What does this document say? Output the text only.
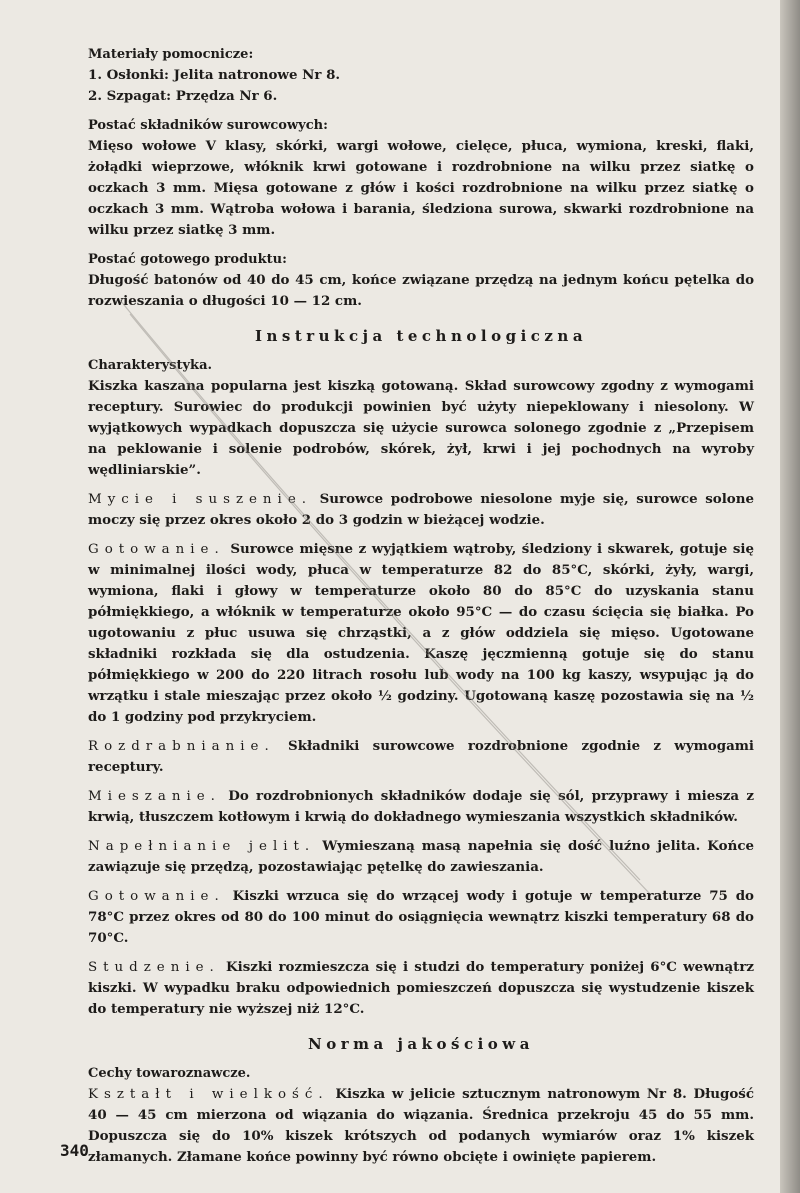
Materiały pomocnicze:

1. Osłonki: Jelita natronowe Nr 8.

2. Szpagat: Przędza Nr 6.

Postać składników surowcowych:

Mięso wołowe V klasy, skórki, wargi wołowe, cielęce, płuca, wymiona, kreski, flaki, żołądki wieprzowe, włóknik krwi gotowane i rozdrobnione na wilku przez siatkę o oczkach 3 mm. Mięsa gotowane z głów i kości rozdrobnione na wilku przez siatkę o oczkach 3 mm. Wątroba wołowa i barania, śledziona surowa, skwarki rozdrobnione na wilku przez siatkę 3 mm.

Postać gotowego produktu:

Długość batonów od 40 do 45 cm, końce związane przędzą na jednym końcu pętelka do rozwieszania o długości 10 — 12 cm.

Instrukcja technologiczna

Charakterystyka.

Kiszka kaszana popularna jest kiszką gotowaną. Skład surowcowy zgodny z wymogami receptury. Surowiec do produkcji powinien być użyty niepeklowany i niesolony. W wyjątkowych wypadkach dopuszcza się użycie surowca solonego zgodnie z „Przepisem na peklowanie i solenie podrobów, skórek, żył, krwi i jej pochodnych na wyroby wędliniarskie”.

Mycie i suszenie. Surowce podrobowe niesolone myje się, surowce solone moczy się przez okres około 2 do 3 godzin w bieżącej wodzie.

Gotowanie. Surowce mięsne z wyjątkiem wątroby, śledziony i skwarek, gotuje się w minimalnej ilości wody, płuca w temperaturze 82 do 85°C, skórki, żyły, wargi, wymiona, flaki i głowy w temperaturze około 80 do 85°C do uzyskania stanu półmiękkiego, a włóknik w temperaturze około 95°C — do czasu ścięcia się białka. Po ugotowaniu z płuc usuwa się chrząstki, a z głów oddziela się mięso. Ugotowane składniki rozkłada się dla ostudzenia. Kaszę jęczmienną gotuje się do stanu półmiękkiego w 200 do 220 litrach rosołu lub wody na 100 kg kaszy, wsypując ją do wrzątku i stale mieszając przez około ½ godziny. Ugotowaną kaszę pozostawia się na ½ do 1 godziny pod przykryciem.

Rozdrabnianie. Składniki surowcowe rozdrobnione zgodnie z wymogami receptury.

Mieszanie. Do rozdrobnionych składników dodaje się sól, przyprawy i miesza z krwią, tłuszczem kotłowym i krwią do dokładnego wymieszania wszystkich składników.

Napełnianie jelit. Wymieszaną masą napełnia się dość luźno jelita. Końce zawiązuje się przędzą, pozostawiając pętelkę do zawieszania.

Gotowanie. Kiszki wrzuca się do wrzącej wody i gotuje w temperaturze 75 do 78°C przez okres od 80 do 100 minut do osiągnięcia wewnątrz kiszki temperatury 68 do 70°C.

Studzenie. Kiszki rozmieszcza się i studzi do temperatury poniżej 6°C wewnątrz kiszki. W wypadku braku odpowiednich pomieszczeń dopuszcza się wystudzenie kiszek do temperatury nie wyższej niż 12°C.

Norma jakościowa

Cechy towaroznawcze.

Kształt i wielkość. Kiszka w jelicie sztucznym natronowym Nr 8. Długość 40 — 45 cm mierzona od wiązania do wiązania. Średnica przekroju 45 do 55 mm. Dopuszcza się do 10% kiszek krótszych od podanych wymiarów oraz 1% kiszek złamanych. Złamane końce powinny być równo obcięte i owinięte papierem.

340
